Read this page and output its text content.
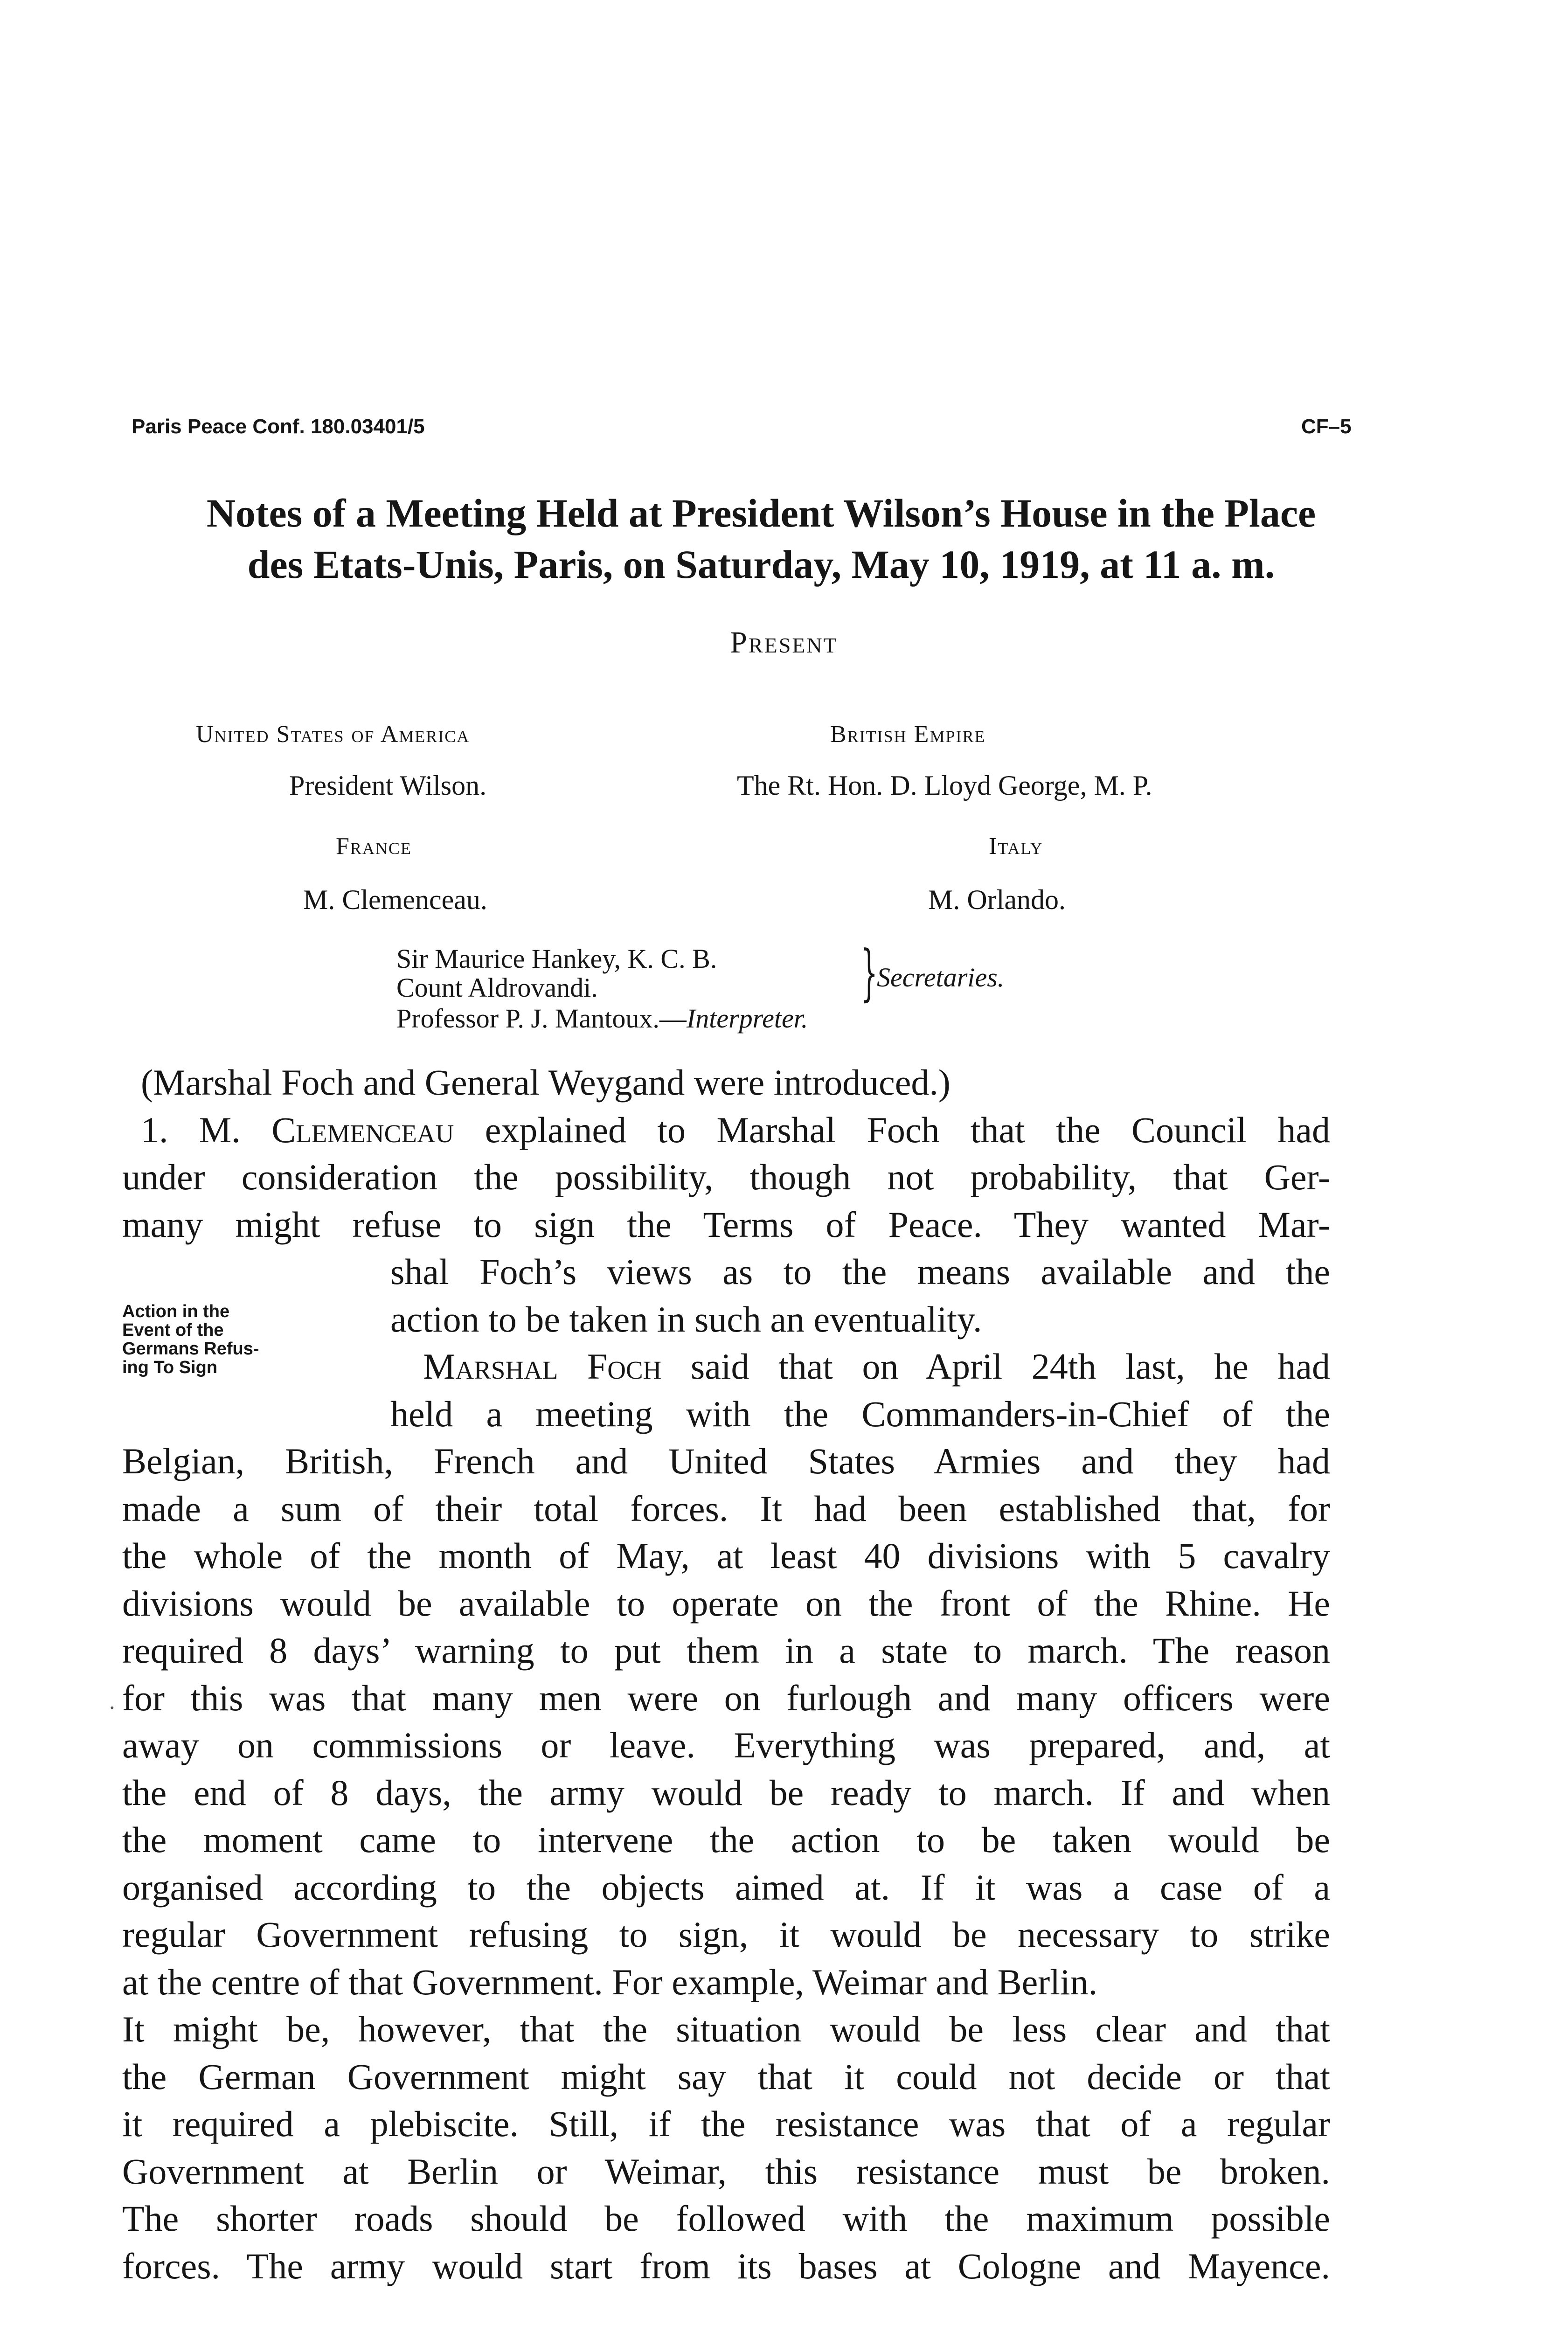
Paris Peace Conf. 180.03401/5	CF–5
Notes of a Meeting Held at President Wilson’s House in the Place
des Etats-Unis, Paris, on Saturday, May 10, 1919, at 11 a. m.
Present
United States of America
President Wilson.
British Empire
The Rt. Hon. D. Lloyd George, M. P.
France
M. Clemenceau.
Italy
M. Orlando.
Sir Maurice Hankey, K. C. B.
Count Aldrovandi.	}
Secretaries.
Professor P. J. Mantoux.—Interpreter.
Action in the
Event of the
Germans Refus-
ing To Sign
·
(Marshal Foch and General Weygand were introduced.)
1. M. Clemenceau explained to Marshal Foch that the Council had
under consideration the possibility, though not probability, that Ger-
many might refuse to sign the Terms of Peace. They wanted Mar-
shal Foch’s views as to the means available and the
action to be taken in such an eventuality.
Marshal Foch said that on April 24th last, he had
held a meeting with the Commanders-in-Chief of the
Belgian, British, French and United States Armies and they had
made a sum of their total forces. It had been established that, for
the whole of the month of May, at least 40 divisions with 5 cavalry
divisions would be available to operate on the front of the Rhine. He
required 8 days’ warning to put them in a state to march. The reason
for this was that many men were on furlough and many officers were
away on commissions or leave. Everything was prepared, and, at
the end of 8 days, the army would be ready to march. If and when
the moment came to intervene the action to be taken would be
organised according to the objects aimed at. If it was a case of a
regular Government refusing to sign, it would be necessary to strike
at the centre of that Government. For example, Weimar and Berlin.
It might be, however, that the situation would be less clear and that
the German Government might say that it could not decide or that
it required a plebiscite. Still, if the resistance was that of a regular
Government at Berlin or Weimar, this resistance must be broken.
The shorter roads should be followed with the maximum possible
forces. The army would start from its bases at Cologne and Mayence.
